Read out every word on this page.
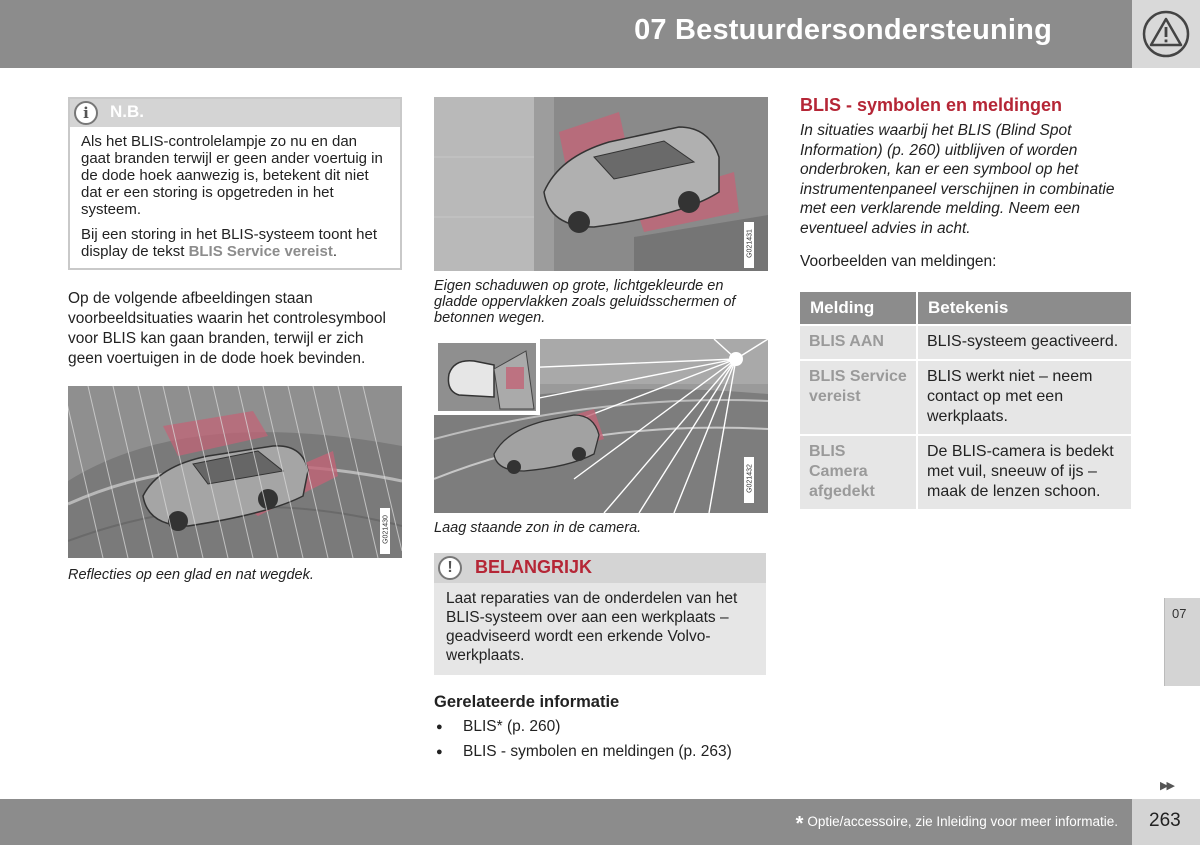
07 Bestuurdersondersteuning
i	N.B.

Als het BLIS-controlelampje zo nu en dan gaat branden terwijl er geen ander voertuig in de dode hoek aanwezig is, betekent dit niet dat er een storing is opgetreden in het systeem.

Bij een storing in het BLIS-systeem toont het display de tekst BLIS Service vereist.

Op de volgende afbeeldingen staan voorbeeldsituaties waarin het controlesymbool voor BLIS kan gaan branden, terwijl er zich geen voertuigen in de dode hoek bevinden.

G021430

Reflecties op een glad en nat wegdek.

G021431

Eigen schaduwen op grote, lichtgekleurde en gladde oppervlakken zoals geluidsschermen of betonnen wegen.

G021432

Laag staande zon in de camera.

!	BELANGRIJK
Laat reparaties van de onderdelen van het BLIS-systeem over aan een werkplaats – geadviseerd wordt een erkende Volvo-werkplaats.
Gerelateerde informatie
● BLIS* (p. 260)
● BLIS - symbolen en meldingen (p. 263)
BLIS - symbolen en meldingen

In situaties waarbij het BLIS (Blind Spot Information) (p. 260) uitblijven of worden onderbroken, kan er een symbool op het instrumentenpaneel verschijnen in combinatie met een verklarende melding. Neem een eventueel advies in acht.

Voorbeelden van meldingen:

Melding	Betekenis
BLIS AAN	BLIS-systeem geactiveerd.
BLIS Service vereist	BLIS werkt niet – neem contact op met een werkplaats.
BLIS Camera afgedekt	De BLIS-camera is bedekt met vuil, sneeuw of ijs – maak de lenzen schoon.
07
▶▶
* Optie/accessoire, zie Inleiding voor meer informatie. 263
